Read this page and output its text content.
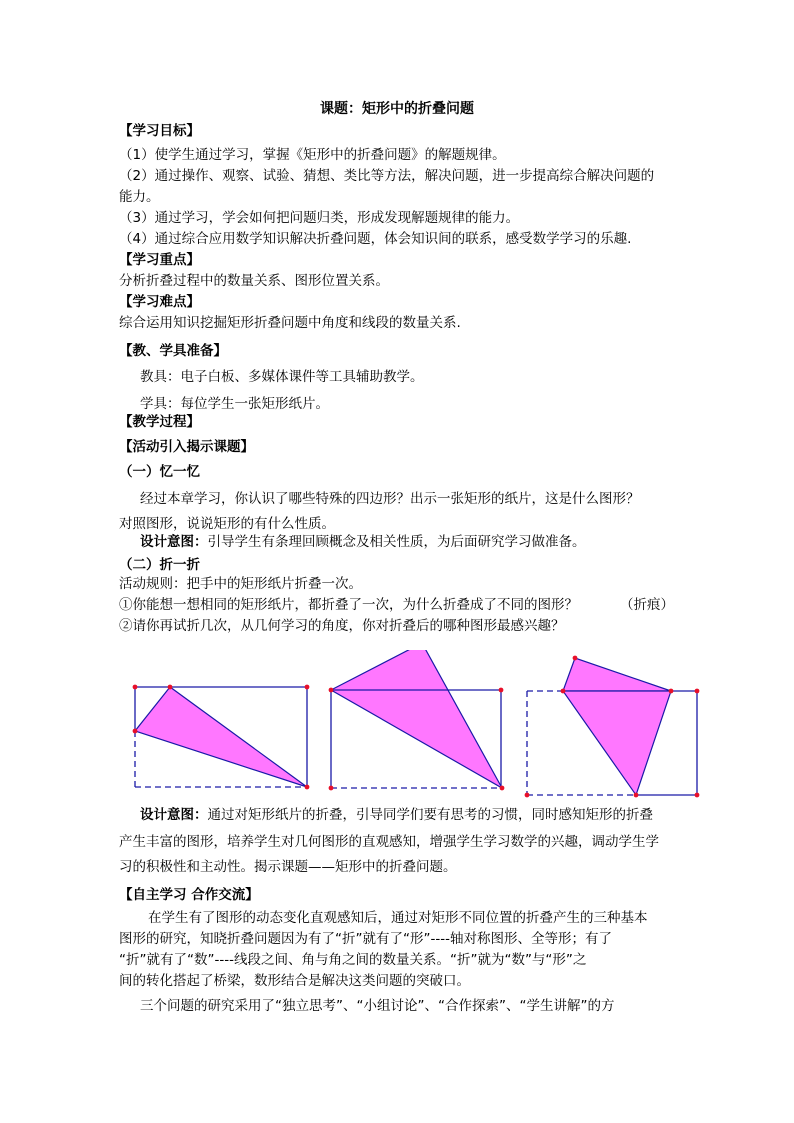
课题：矩形中的折叠问题
【学习目标】
（1）使学生通过学习，掌握《矩形中的折叠问题》的解题规律。
（2）通过操作、观察、试验、猜想、类比等方法，解决问题，进一步提高综合解决问题的
能力。
（3）通过学习，学会如何把问题归类，形成发现解题规律的能力。
（4）通过综合应用数学知识解决折叠问题，体会知识间的联系，感受数学学习的乐趣.
【学习重点】
分析折叠过程中的数量关系、图形位置关系。
【学习难点】
综合运用知识挖掘矩形折叠问题中角度和线段的数量关系.
【教、学具准备】
教具：电子白板、多媒体课件等工具辅助教学。
学具：每位学生一张矩形纸片。
【教学过程】
【活动引入揭示课题】
（一）忆一忆
经过本章学习，你认识了哪些特殊的四边形？出示一张矩形的纸片，这是什么图形？
对照图形，说说矩形的有什么性质。
设计意图：引导学生有条理回顾概念及相关性质，为后面研究学习做准备。
（二）折一折
活动规则：把手中的矩形纸片折叠一次。
①你能想一想相同的矩形纸片，都折叠了一次，为什么折叠成了不同的图形？	（折痕）
②请你再试折几次，从几何学习的角度，你对折叠后的哪种图形最感兴趣？
设计意图：通过对矩形纸片的折叠，引导同学们要有思考的习惯，同时感知矩形的折叠
产生丰富的图形，培养学生对几何图形的直观感知，增强学生学习数学的兴趣，调动学生学
习的积极性和主动性。揭示课题——矩形中的折叠问题。
【自主学习 合作交流】
在学生有了图形的动态变化直观感知后，通过对矩形不同位置的折叠产生的三种基本
图形的研究，知晓折叠问题因为有了“折”就有了“形”----轴对称图形、全等形；有了
“折”就有了“数”----线段之间、角与角之间的数量关系。“折”就为“数”与“形”之
间的转化搭起了桥梁，数形结合是解决这类问题的突破口。
三个问题的研究采用了“独立思考”、“小组讨论”、“合作探索”、“学生讲解”的方
